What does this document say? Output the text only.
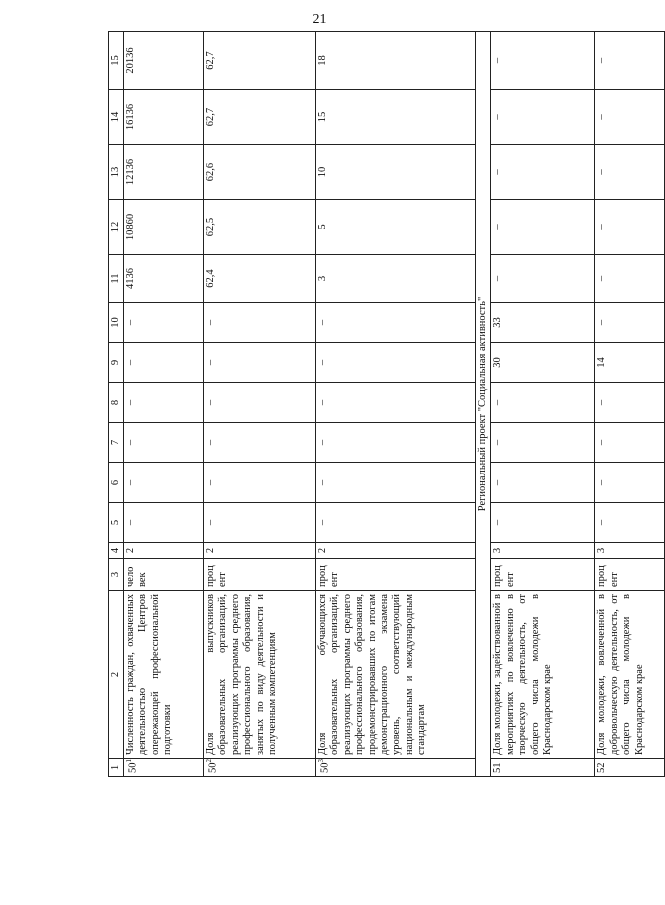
21
1	2	3	4	5	6	7	8	9	10	11	12	13	14	15
$50^1$	Численность граждан, охваченных деятельностью Центров опережающей профессиональной подготовки	человек	2	–	–	–	–	–	–	4136	10860	12136	16136	20136
$50^2$	Доля выпускников образовательных организаций, реализующих программы среднего профессионального образования, занятых по виду деятельности и полученным компетенциям	процент	2	–	–	–	–	–	–	62,4	62,5	62,6	62,7	62,7
$50^3$	Доля обучающихся образовательных организаций, реализующих программы среднего профессионального образования, продемонстрировавших по итогам демонстрационного экзамена уровень, соответствующий национальным и международным стандартам	процент	2	–	–	–	–	–	–	3	5	10	15	18
Региональный проект "Социальная активность"														
51	Доля молодежи, задействованной в мероприятиях по вовлечению в творческую деятельность, от общего числа молодежи в Краснодарском крае	процент	3	–	–	–	–	30	33	–	–	–	–	–
52	Доля молодежи, вовлеченной в добровольческую деятельность, от общего числа молодежи в Краснодарском крае	процент	3	–	–	–	–	14	–	–	–	–	–	–
